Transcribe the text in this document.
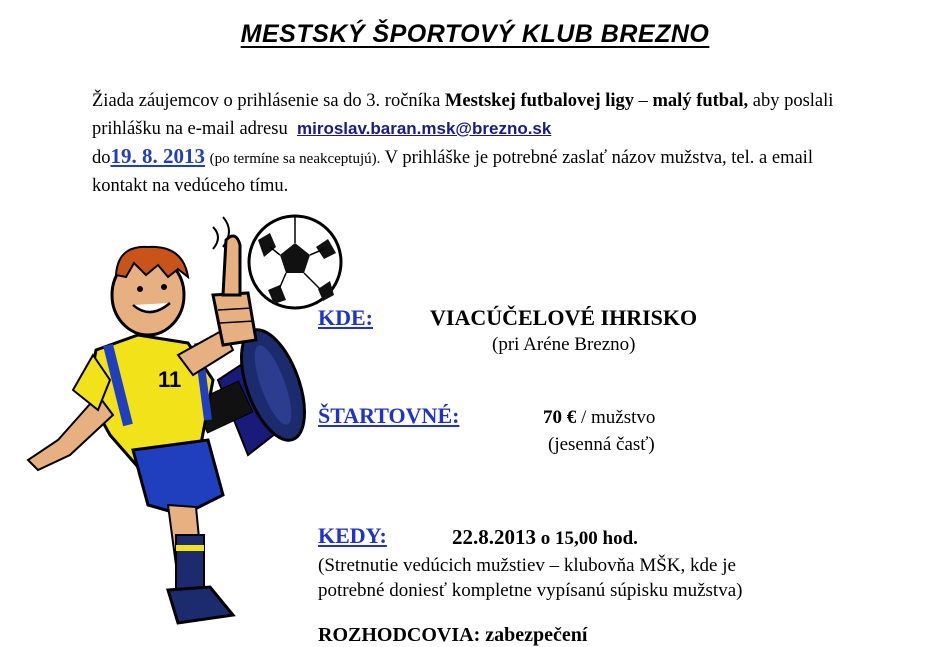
MESTSKÝ ŠPORTOVÝ KLUB BREZNO
Žiada záujemcov o prihlásenie sa do 3. ročníka Mestskej futbalovej ligy – malý futbal, aby poslali prihlášku na e-mail adresu  miroslav.baran.msk@brezno.sk
do19. 8. 2013 (po termíne sa neakceptujú). V prihláške je potrebné zaslať názov mužstva, tel. a email kontakt na vedúceho tímu.
11
KDE:	VIACÚČELOVÉ IHRISKO
(pri Aréne Brezno)
ŠTARTOVNÉ:	70 € / mužstvo
(jesenná časť)
KEDY:	22.8.2013 o 15,00 hod.
(Stretnutie vedúcich mužstiev – klubovňa MŠK, kde je
potrebné doniesť kompletne vypísanú súpisku mužstva)
ROZHODCOVIA: zabezpečení
